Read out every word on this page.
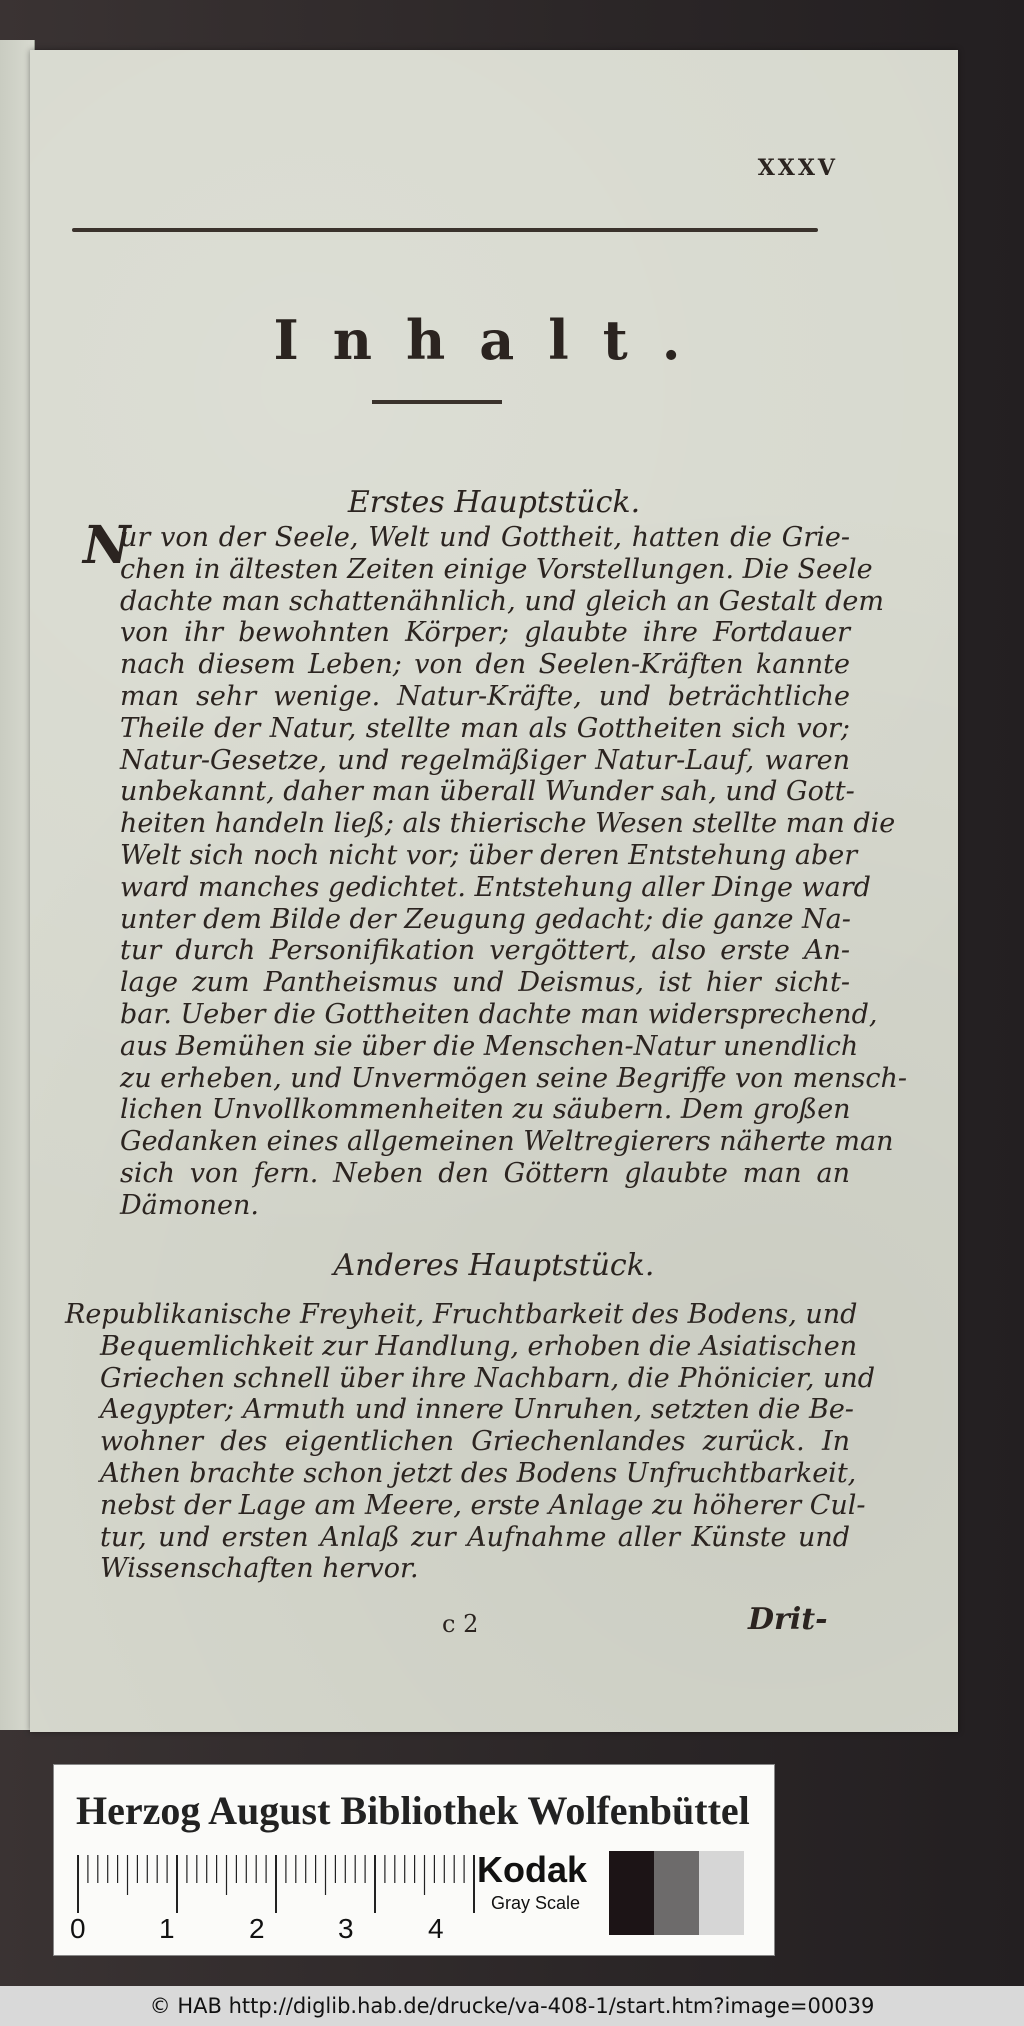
XXXV
Inhalt.
Erstes Hauptstück.
N
ur von der Seele, Welt und Gottheit, hatten die Grie-
chen in ältesten Zeiten einige Vorstellungen. Die Seele
dachte man schattenähnlich, und gleich an Gestalt dem
von ihr bewohnten Körper; glaubte ihre Fortdauer
nach diesem Leben; von den Seelen-Kräften kannte
man sehr wenige. Natur-Kräfte, und beträchtliche
Theile der Natur, stellte man als Gottheiten sich vor;
Natur-Gesetze, und regelmäßiger Natur-Lauf, waren
unbekannt, daher man überall Wunder sah, und Gott-
heiten handeln ließ; als thierische Wesen stellte man die
Welt sich noch nicht vor; über deren Entstehung aber
ward manches gedichtet. Entstehung aller Dinge ward
unter dem Bilde der Zeugung gedacht; die ganze Na-
tur durch Personifikation vergöttert, also erste An-
lage zum Pantheismus und Deismus, ist hier sicht-
bar. Ueber die Gottheiten dachte man widersprechend,
aus Bemühen sie über die Menschen-Natur unendlich
zu erheben, und Unvermögen seine Begriffe von mensch-
lichen Unvollkommenheiten zu säubern. Dem großen
Gedanken eines allgemeinen Weltregierers näherte man
sich von fern. Neben den Göttern glaubte man an
Dämonen.
Anderes Hauptstück.
Republikanische Freyheit, Fruchtbarkeit des Bodens, und
Bequemlichkeit zur Handlung, erhoben die Asiatischen
Griechen schnell über ihre Nachbarn, die Phönicier, und
Aegypter; Armuth und innere Unruhen, setzten die Be-
wohner des eigentlichen Griechenlandes zurück. In
Athen brachte schon jetzt des Bodens Unfruchtbarkeit,
nebst der Lage am Meere, erste Anlage zu höherer Cul-
tur, und ersten Anlaß zur Aufnahme aller Künste und
Wissenschaften hervor.
c 2	Drit-
Herzog August Bibliothek Wolfenbüttel
0	1	2	3	4
Kodak
Gray Scale
© HAB http://diglib.hab.de/drucke/va-408-1/start.htm?image=00039
